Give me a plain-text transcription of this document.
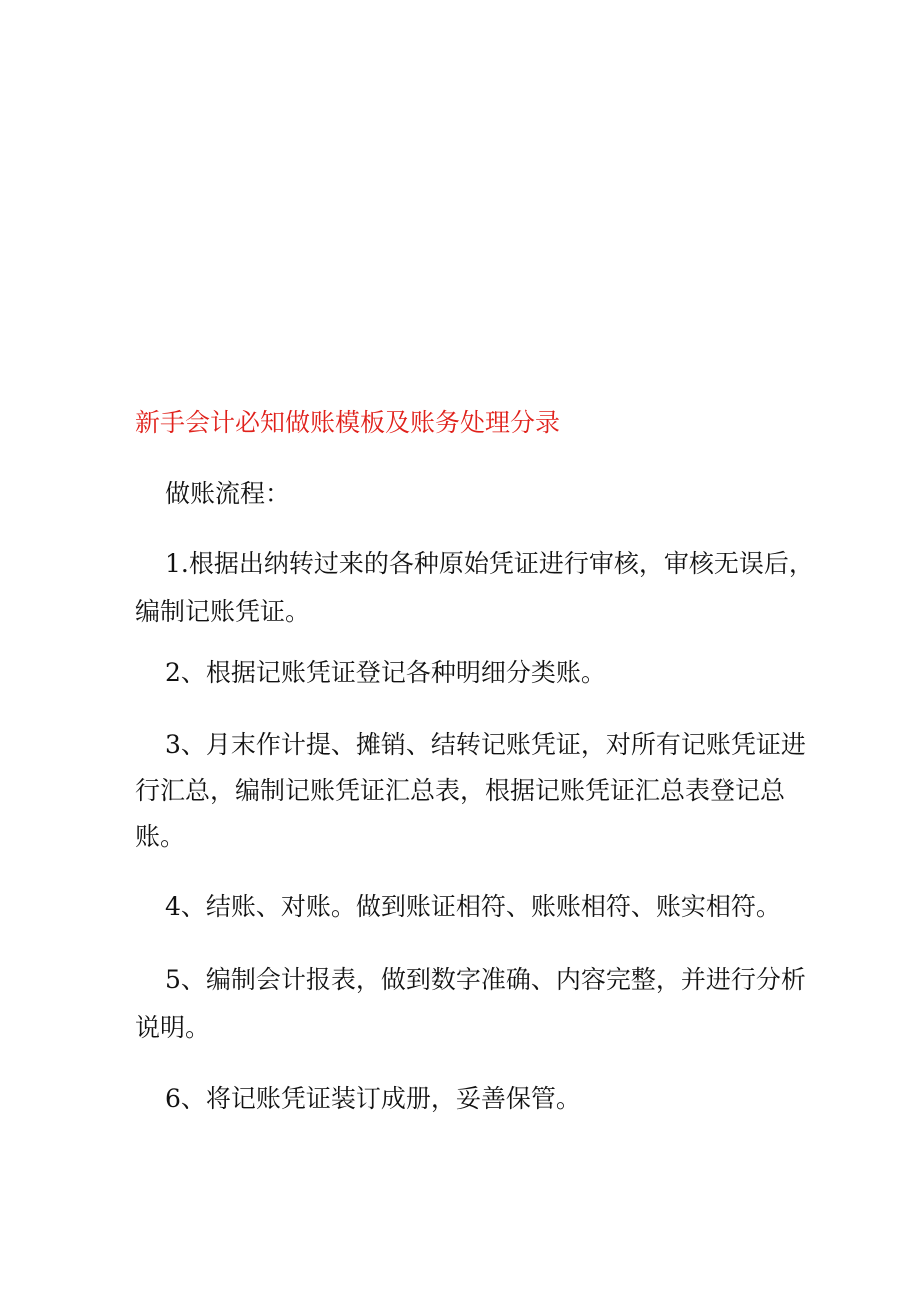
新手会计必知做账模板及账务处理分录
做账流程：
1.根据出纳转过来的各种原始凭证进行审核，审核无误后，编制记账凭证。
2、根据记账凭证登记各种明细分类账。
3、月末作计提、摊销、结转记账凭证，对所有记账凭证进行汇总，编制记账凭证汇总表，根据记账凭证汇总表登记总账。
4、结账、对账。做到账证相符、账账相符、账实相符。
5、编制会计报表，做到数字准确、内容完整，并进行分析说明。
6、将记账凭证装订成册，妥善保管。
